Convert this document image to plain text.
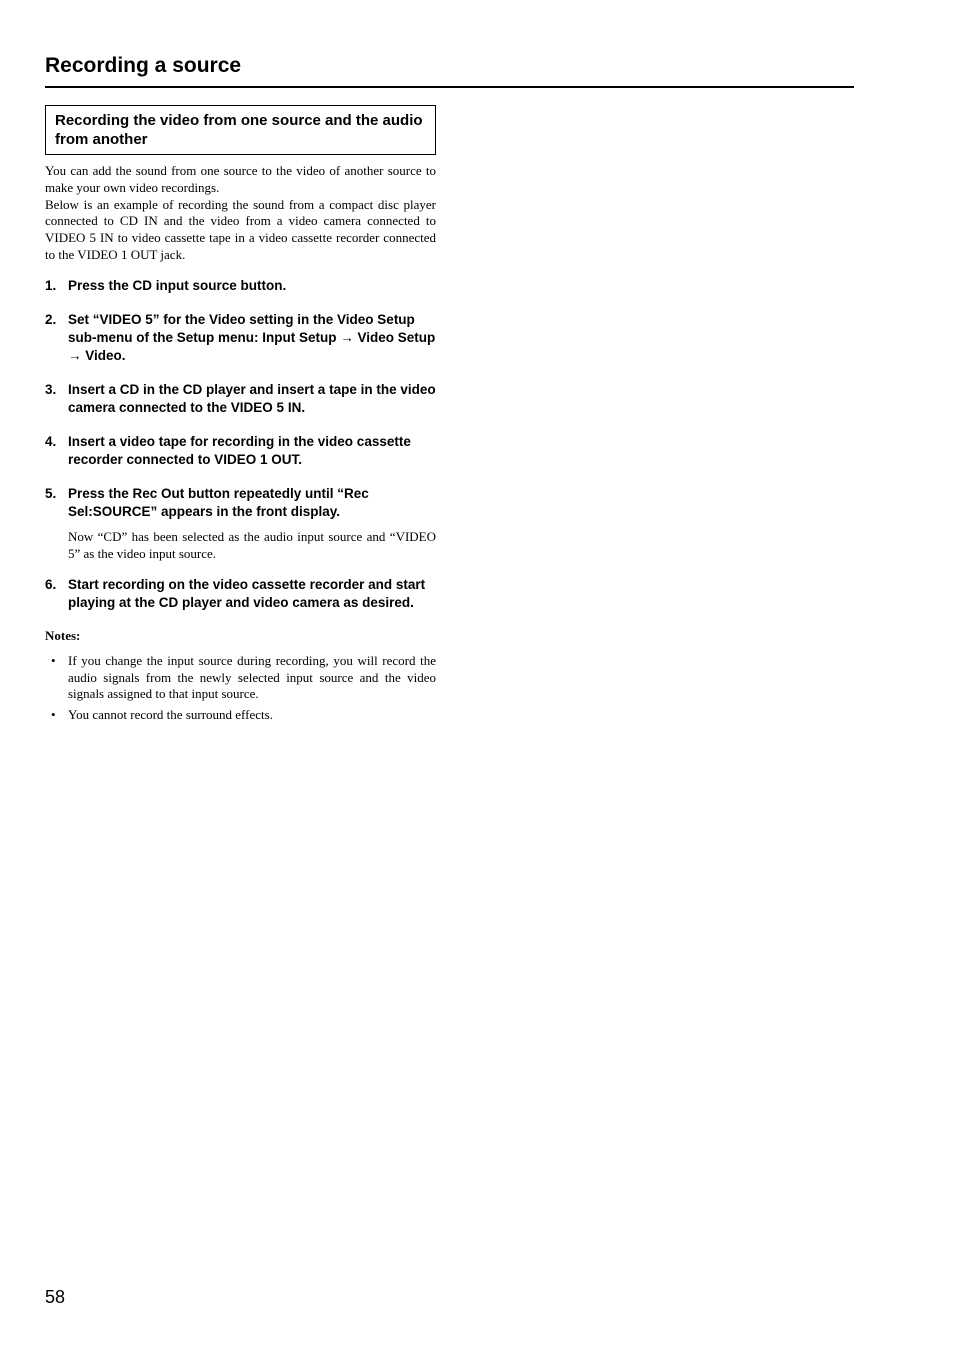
Recording a source
Recording the video from one source and the audio from another

You can add the sound from one source to the video of another source to make your own video recordings.

Below is an example of recording the sound from a compact disc player connected to CD IN and the video from a video camera connected to VIDEO 5 IN to video cassette tape in a video cassette recorder connected to the VIDEO 1 OUT jack.

1. Press the CD input source button.
2. Set “VIDEO 5” for the Video setting in the Video Setup sub-menu of the Setup menu: Input Setup → Video Setup → Video.
3. Insert a CD in the CD player and insert a tape in the video camera connected to the VIDEO 5 IN.
4. Insert a video tape for recording in the video cassette recorder connected to VIDEO 1 OUT.
5. Press the Rec Out button repeatedly until “Rec Sel:SOURCE” appears in the front display.

Now “CD” has been selected as the audio input source and “VIDEO 5” as the video input source.

6. Start recording on the video cassette recorder and start playing at the CD player and video camera as desired.
Notes:
• If you change the input source during recording, you will record the audio signals from the newly selected input source and the video signals assigned to that input source.
• You cannot record the surround effects.
58
